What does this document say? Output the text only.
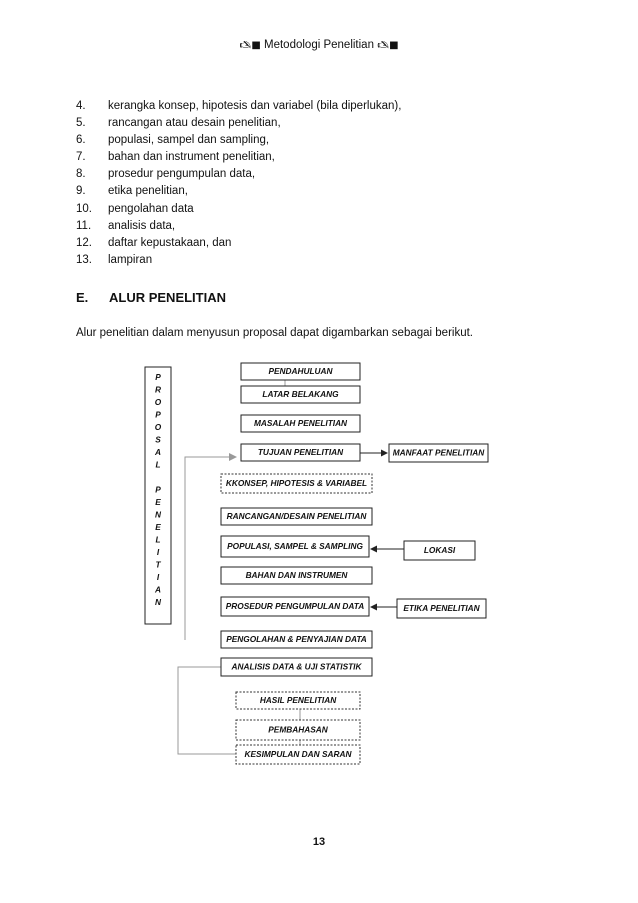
🖎■ Metodologi Penelitian 🖎■
4.	kerangka konsep, hipotesis dan variabel (bila diperlukan),
5.	rancangan atau desain penelitian,
6.	populasi, sampel dan sampling,
7.	bahan dan instrument penelitian,
8.	prosedur pengumpulan data,
9.	etika penelitian,
10.	pengolahan data
11.	analisis data,
12.	daftar kepustakaan, dan
13.	lampiran
E. ALUR PENELITIAN
Alur penelitian dalam menyusun proposal dapat digambarkan sebagai berikut.
P
R
O
P
O
S
A
L
P
E
N
E
L
I
T
I
A
N
PENDAHULUAN
LATAR BELAKANG
MASALAH PENELITIAN
TUJUAN PENELITIAN	MANFAAT PENELITIAN
KKONSEP, HIPOTESIS & VARIABEL
RANCANGAN/DESAIN PENELITIAN
POPULASI, SAMPEL & SAMPLING	LOKASI
BAHAN DAN INSTRUMEN
PROSEDUR PENGUMPULAN DATA	ETIKA PENELITIAN
PENGOLAHAN & PENYAJIAN DATA
ANALISIS DATA & UJI STATISTIK
HASIL PENELITIAN
PEMBAHASAN
KESIMPULAN DAN SARAN
13
